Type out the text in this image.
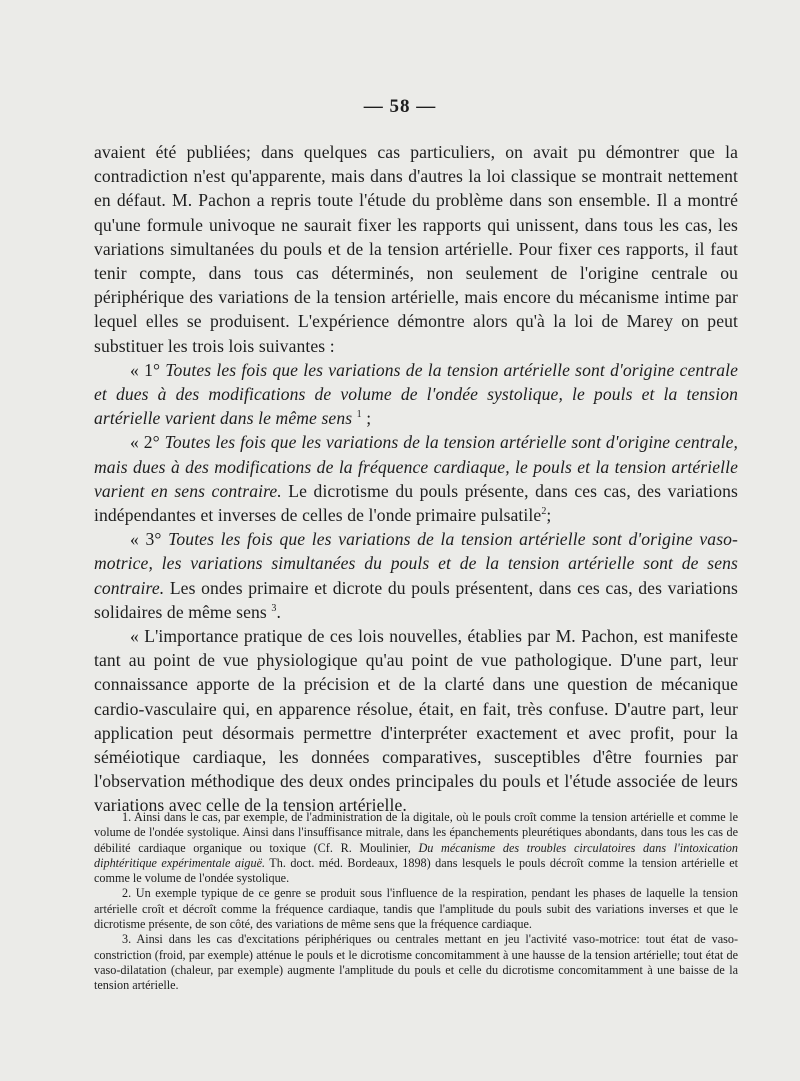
— 58 —

avaient été publiées; dans quelques cas particuliers, on avait pu démontrer que la contradiction n'est qu'apparente, mais dans d'autres la loi classique se montrait nettement en défaut. M. Pachon a repris toute l'étude du problème dans son ensemble. Il a montré qu'une formule univoque ne saurait fixer les rapports qui unissent, dans tous les cas, les variations simultanées du pouls et de la tension artérielle. Pour fixer ces rapports, il faut tenir compte, dans tous cas déterminés, non seulement de l'origine centrale ou périphérique des variations de la tension artérielle, mais encore du mécanisme intime par lequel elles se produisent. L'expérience démontre alors qu'à la loi de Marey on peut substituer les trois lois suivantes :

« 1° Toutes les fois que les variations de la tension artérielle sont d'origine centrale et dues à des modifications de volume de l'ondée systolique, le pouls et la tension artérielle varient dans le même sens $^1$ ;

« 2° Toutes les fois que les variations de la tension artérielle sont d'origine centrale, mais dues à des modifications de la fréquence cardiaque, le pouls et la tension artérielle varient en sens contraire. Le dicrotisme du pouls présente, dans ces cas, des variations indépendantes et inverses de celles de l'onde primaire pulsatile$^2$;

« 3° Toutes les fois que les variations de la tension artérielle sont d'origine vaso-motrice, les variations simultanées du pouls et de la tension artérielle sont de sens contraire. Les ondes primaire et dicrote du pouls présentent, dans ces cas, des variations solidaires de même sens $^3$.

« L'importance pratique de ces lois nouvelles, établies par M. Pachon, est manifeste tant au point de vue physiologique qu'au point de vue pathologique. D'une part, leur connaissance apporte de la précision et de la clarté dans une question de mécanique cardio-vasculaire qui, en apparence résolue, était, en fait, très confuse. D'autre part, leur application peut désormais permettre d'interpréter exactement et avec profit, pour la séméiotique cardiaque, les données comparatives, susceptibles d'être fournies par l'observation méthodique des deux ondes principales du pouls et l'étude associée de leurs variations avec celle de la tension artérielle.

1. Ainsi dans le cas, par exemple, de l'administration de la digitale, où le pouls croît comme la tension artérielle et comme le volume de l'ondée systolique. Ainsi dans l'insuffisance mitrale, dans les épanchements pleurétiques abondants, dans tous les cas de débilité cardiaque organique ou toxique (Cf. R. Moulinier, Du mécanisme des troubles circulatoires dans l'intoxication diphtéritique expérimentale aiguë. Th. doct. méd. Bordeaux, 1898) dans lesquels le pouls décroît comme la tension artérielle et comme le volume de l'ondée systolique.

2. Un exemple typique de ce genre se produit sous l'influence de la respiration, pendant les phases de laquelle la tension artérielle croît et décroît comme la fréquence cardiaque, tandis que l'amplitude du pouls subit des variations inverses et que le dicrotisme présente, de son côté, des variations de même sens que la fréquence cardiaque.

3. Ainsi dans les cas d'excitations périphériques ou centrales mettant en jeu l'activité vaso-motrice: tout état de vaso-constriction (froid, par exemple) atténue le pouls et le dicrotisme concomitamment à une hausse de la tension artérielle; tout état de vaso-dilatation (chaleur, par exemple) augmente l'amplitude du pouls et celle du dicrotisme concomitamment à une baisse de la tension artérielle.
